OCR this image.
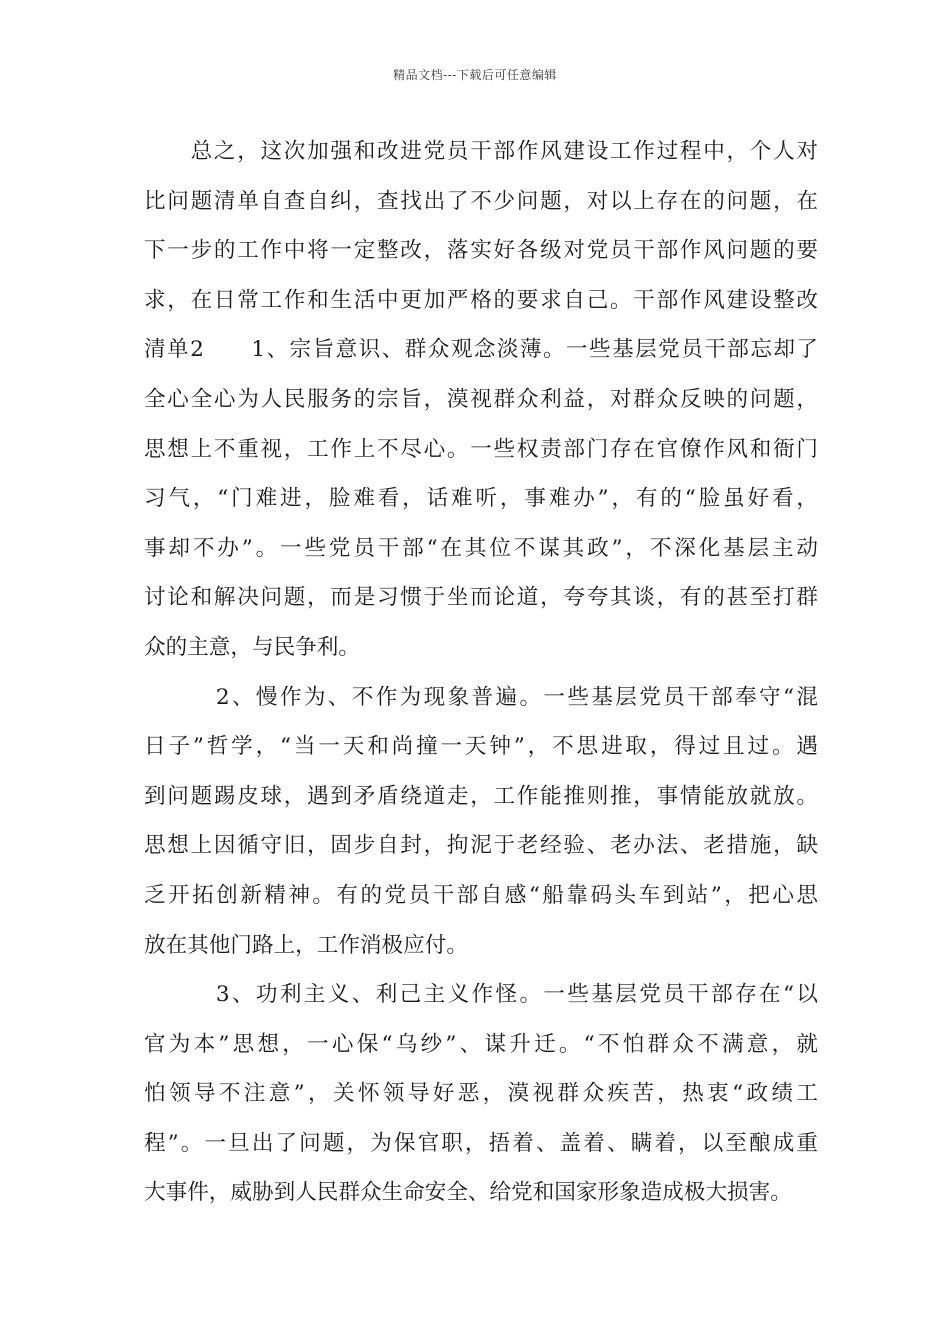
精品文档---下载后可任意编辑
　　总之，这次加强和改进党员干部作风建设工作过程中，个人对
比问题清单自查自纠，查找出了不少问题，对以上存在的问题，在
下一步的工作中将一定整改，落实好各级对党员干部作风问题的要
求，在日常工作和生活中更加严格的要求自己。干部作风建设整改
清单2　　1、宗旨意识、群众观念淡薄。一些基层党员干部忘却了
全心全心为人民服务的宗旨，漠视群众利益，对群众反映的问题，
思想上不重视，工作上不尽心。一些权责部门存在官僚作风和衙门
习气，“门难进，脸难看，话难听，事难办”，有的“脸虽好看，
事却不办”。一些党员干部“在其位不谋其政”，不深化基层主动
讨论和解决问题，而是习惯于坐而论道，夸夸其谈，有的甚至打群
众的主意，与民争利。
　　　2、慢作为、不作为现象普遍。一些基层党员干部奉守“混
日子”哲学，“当一天和尚撞一天钟”，不思进取，得过且过。遇
到问题踢皮球，遇到矛盾绕道走，工作能推则推，事情能放就放。
思想上因循守旧，固步自封，拘泥于老经验、老办法、老措施，缺
乏开拓创新精神。有的党员干部自感“船靠码头车到站”，把心思
放在其他门路上，工作消极应付。
　　　3、功利主义、利己主义作怪。一些基层党员干部存在“以
官为本”思想，一心保“乌纱”、谋升迁。“不怕群众不满意，就
怕领导不注意”，关怀领导好恶，漠视群众疾苦，热衷“政绩工
程”。一旦出了问题，为保官职，捂着、盖着、瞒着，以至酿成重
大事件，威胁到人民群众生命安全、给党和国家形象造成极大损害。
